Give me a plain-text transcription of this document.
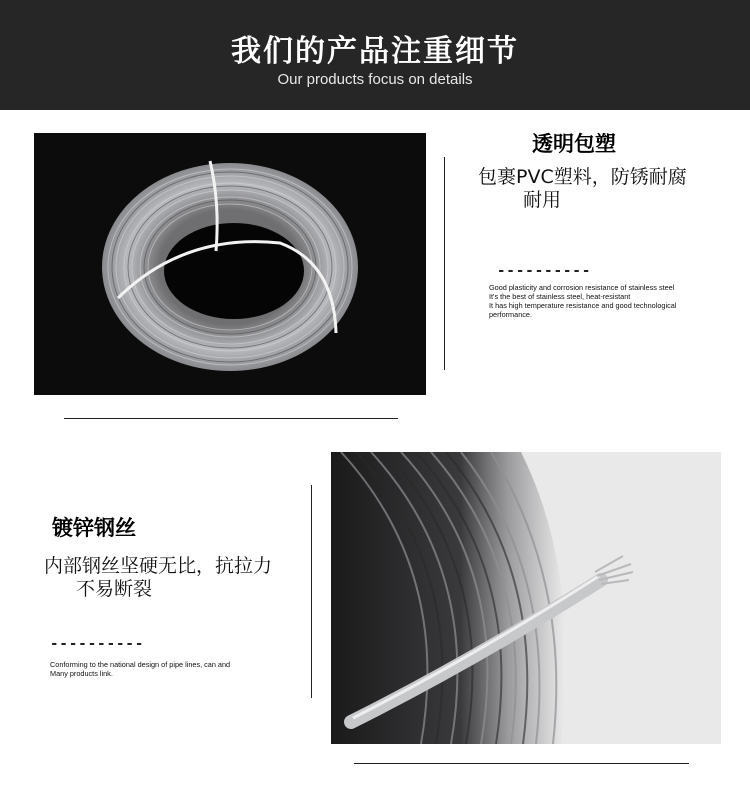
我们的产品注重细节
Our products focus on details
透明包塑
包裹PVC塑料，防锈耐腐
耐用
----------
Good plasticity and corrosion resistance of stainless steel
It's the best of stainless steel, heat-resistant
It has high temperature resistance and good technological
performance.
镀锌钢丝
内部钢丝坚硬无比，抗拉力
不易断裂
----------
Conforming to the national design of pipe lines, can and
Many products link.
